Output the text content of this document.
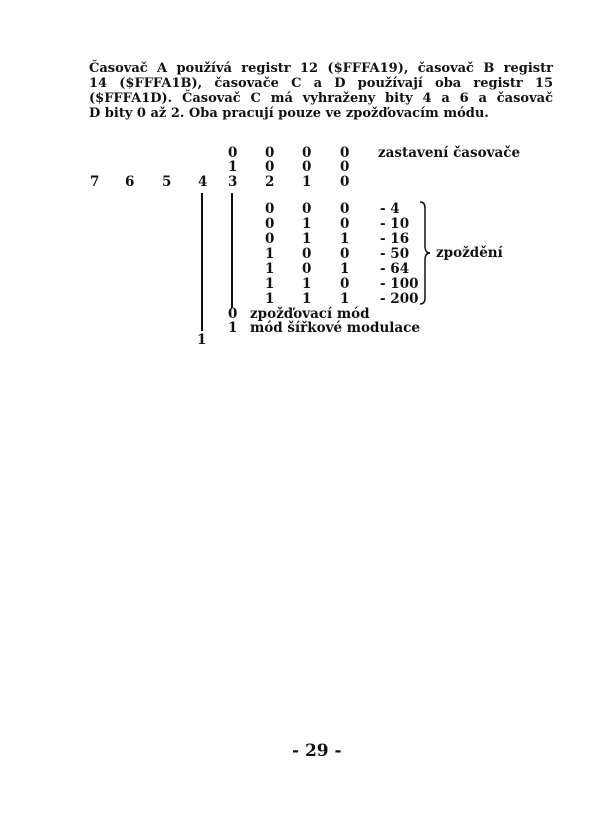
Časovač A používá registr 12 ($FFFA19), časovač B registr
14 ($FFFA1B), časovače C a D používají oba registr 15
($FFFA1D). Časovač C má vyhraženy bity 4 a 6 a časovač
D bity 0 až 2. Oba pracují pouze ve zpožďovacím módu.
0 0 0 0 zastavení časovače
1 0 0 0
7 6 5 4 3 2 1 0
0 0 0 - 4
0 1 0 - 10
0 1 1 - 16
1 0 0 - 50
1 0 1 - 64
1 1 0 - 100
1 1 1 - 200
zpoždění
0 zpožďovací mód
1 mód šířkové modulace
1
- 29 -
